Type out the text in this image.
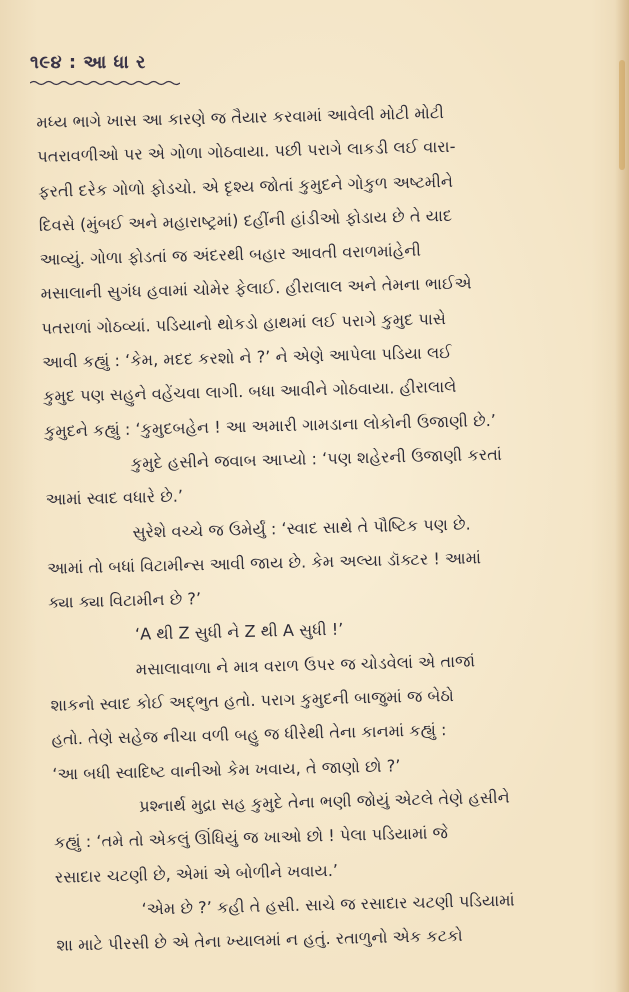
૧૯૪ : આ ધા ર
મધ્ય ભાગે ખાસ આ કારણે જ તૈયાર કરવામાં આવેલી મોટી મોટી
પતરાવળીઓ પર એ ગોળા ગોઠવાયા. પછી પરાગે લાકડી લઈ વારા-
ફરતી દરેક ગોળો ફોડચો. એ દૃશ્ય જોતાં કુમુદને ગોકુળ અષ્ટમીને
દિવસે (મુંબઈ અને મહારાષ્ટ્રમાં) દહીંની હાંડીઓ ફોડાય છે તે યાદ
આવ્યું. ગોળા ફોડતાં જ અંદરથી બહાર આવતી વરાળમાંહેની
મસાલાની સુગંધ હવામાં ચોમેર ફેલાઈ. હીરાલાલ અને તેમના ભાઈએ
પતરાળાં ગોઠવ્યાં. પડિયાનો થોકડો હાથમાં લઈ પરાગે કુમુદ પાસે
આવી કહ્યું : ‘કેમ, મદદ કરશો ને ?’ ને એણે આપેલા પડિયા લઈ
કુમુદ પણ સહુને વહેંચવા લાગી. બધા આવીને ગોઠવાયા. હીરાલાલે
કુમુદને કહ્યું : ‘કુમુદબહેન ! આ અમારી ગામડાના લોકોની ઉજાણી છે.’
કુમુદે હસીને જવાબ આપ્યો : ‘પણ શહેરની ઉજાણી કરતાં
આમાં સ્વાદ વધારે છે.’
સુરેશે વચ્ચે જ ઉમેર્યું : ‘સ્વાદ સાથે તે પૌષ્ટિક પણ છે.
આમાં તો બધાં વિટામીન્સ આવી જાય છે. કેમ અલ્યા ડૉક્ટર ! આમાં
ક્યા ક્યા વિટામીન છે ?’
‘A થી Z સુધી ને Z થી A સુધી !’
મસાલાવાળા ને માત્ર વરાળ ઉપર જ ચોડવેલાં એ તાજાં
શાકનો સ્વાદ કોઈ અદ્ભુત હતો. પરાગ કુમુદની બાજુમાં જ બેઠો
હતો. તેણે સહેજ નીચા વળી બહુ જ ધીરેથી તેના કાનમાં કહ્યું :
‘આ બધી સ્વાદિષ્ટ વાનીઓ કેમ ખવાય, તે જાણો છો ?’
પ્રશ્નાર્થ મુદ્રા સહ કુમુદે તેના ભણી જોયું એટલે તેણે હસીને
કહ્યું : ‘તમે તો એકલું ઊંધિયું જ ખાઓ છો ! પેલા પડિયામાં જે
રસાદાર ચટણી છે, એમાં એ બોળીને ખવાય.’
‘એમ છે ?’ કહી તે હસી. સાચે જ રસાદાર ચટણી પડિયામાં
શા માટે પીરસી છે એ તેના ખ્યાલમાં ન હતું. રતાળુનો એક કટકો
